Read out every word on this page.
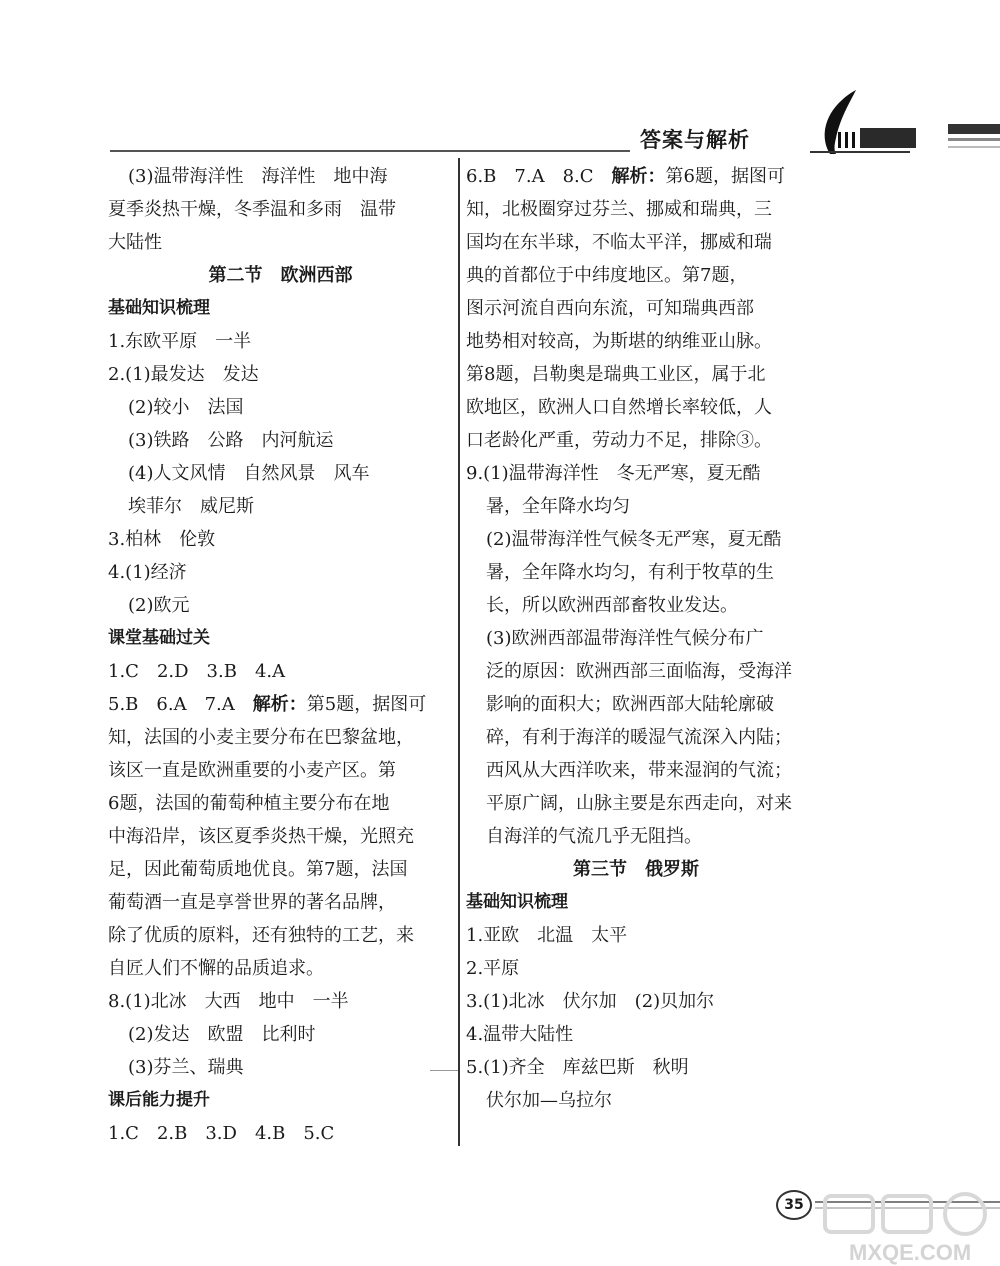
答案与解析
(3)温带海洋性　海洋性　地中海
夏季炎热干燥，冬季温和多雨　温带
大陆性
第二节　欧洲西部
基础知识梳理
1.东欧平原　一半
2.(1)最发达　发达
(2)较小　法国
(3)铁路　公路　内河航运
(4)人文风情　自然风景　风车
埃菲尔　威尼斯
3.柏林　伦敦
4.(1)经济
(2)欧元
课堂基础过关
1.C　2.D　3.B　4.A
5.B　6.A　7.A　解析：第5题，据图可
知，法国的小麦主要分布在巴黎盆地，
该区一直是欧洲重要的小麦产区。第
6题，法国的葡萄种植主要分布在地
中海沿岸，该区夏季炎热干燥，光照充
足，因此葡萄质地优良。第7题，法国
葡萄酒一直是享誉世界的著名品牌，
除了优质的原料，还有独特的工艺，来
自匠人们不懈的品质追求。
8.(1)北冰　大西　地中　一半
(2)发达　欧盟　比利时
(3)芬兰、瑞典
课后能力提升
1.C　2.B　3.D　4.B　5.C
6.B　7.A　8.C　解析：第6题，据图可
知，北极圈穿过芬兰、挪威和瑞典，三
国均在东半球，不临太平洋，挪威和瑞
典的首都位于中纬度地区。第7题，
图示河流自西向东流，可知瑞典西部
地势相对较高，为斯堪的纳维亚山脉。
第8题，吕勒奥是瑞典工业区，属于北
欧地区，欧洲人口自然增长率较低，人
口老龄化严重，劳动力不足，排除③。
9.(1)温带海洋性　冬无严寒，夏无酷
暑，全年降水均匀
(2)温带海洋性气候冬无严寒，夏无酷
暑，全年降水均匀，有利于牧草的生
长，所以欧洲西部畜牧业发达。
(3)欧洲西部温带海洋性气候分布广
泛的原因：欧洲西部三面临海，受海洋
影响的面积大；欧洲西部大陆轮廓破
碎，有利于海洋的暖湿气流深入内陆；
西风从大西洋吹来，带来湿润的气流；
平原广阔，山脉主要是东西走向，对来
自海洋的气流几乎无阻挡。
第三节　俄罗斯
基础知识梳理
1.亚欧　北温　太平
2.平原
3.(1)北冰　伏尔加　(2)贝加尔
4.温带大陆性
5.(1)齐全　库兹巴斯　秋明
伏尔加—乌拉尔
35
MXQE.COM
